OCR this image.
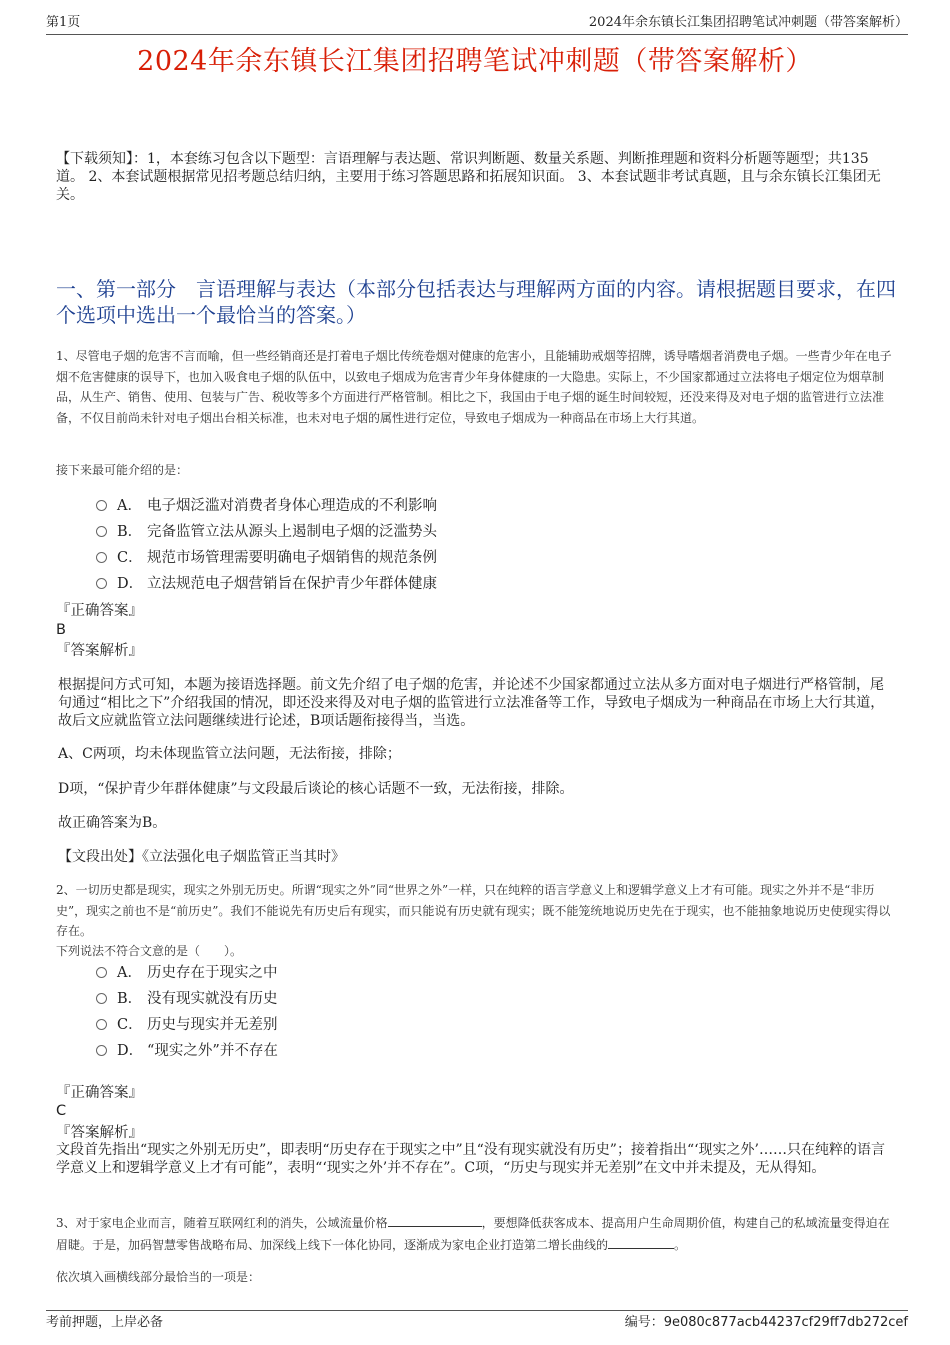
第1页	2024年余东镇长江集团招聘笔试冲刺题（带答案解析）
2024年余东镇长江集团招聘笔试冲刺题（带答案解析）
【下载须知】：1，本套练习包含以下题型：言语理解与表达题、常识判断题、数量关系题、判断推理题和资料分析题等题型；共135道。 2、本套试题根据常见招考题总结归纳，主要用于练习答题思路和拓展知识面。 3、本套试题非考试真题，且与余东镇长江集团无关。
一、第一部分　言语理解与表达（本部分包括表达与理解两方面的内容。请根据题目要求，在四个选项中选出一个最恰当的答案。）
1、尽管电子烟的危害不言而喻，但一些经销商还是打着电子烟比传统卷烟对健康的危害小，且能辅助戒烟等招牌，诱导嗜烟者消费电子烟。一些青少年在电子烟不危害健康的误导下，也加入吸食电子烟的队伍中，以致电子烟成为危害青少年身体健康的一大隐患。实际上，不少国家都通过立法将电子烟定位为烟草制品，从生产、销售、使用、包装与广告、税收等多个方面进行严格管制。相比之下，我国由于电子烟的诞生时间较短，还没来得及对电子烟的监管进行立法准备，不仅目前尚未针对电子烟出台相关标准，也未对电子烟的属性进行定位，导致电子烟成为一种商品在市场上大行其道。
接下来最可能介绍的是：
A． 电子烟泛滥对消费者身体心理造成的不利影响
B． 完备监管立法从源头上遏制电子烟的泛滥势头
C． 规范市场管理需要明确电子烟销售的规范条例
D． 立法规范电子烟营销旨在保护青少年群体健康
『正确答案』
B
『答案解析』
根据提问方式可知，本题为接语选择题。前文先介绍了电子烟的危害，并论述不少国家都通过立法从多方面对电子烟进行严格管制，尾句通过“相比之下”介绍我国的情况，即还没来得及对电子烟的监管进行立法准备等工作，导致电子烟成为一种商品在市场上大行其道，故后文应就监管立法问题继续进行论述，B项话题衔接得当，当选。
A、C两项，均未体现监管立法问题，无法衔接，排除；
D项，“保护青少年群体健康”与文段最后谈论的核心话题不一致，无法衔接，排除。
故正确答案为B。
【文段出处】《立法强化电子烟监管正当其时》
2、一切历史都是现实，现实之外别无历史。所谓“现实之外”同“世界之外”一样，只在纯粹的语言学意义上和逻辑学意义上才有可能。现实之外并不是“非历史”，现实之前也不是“前历史”。我们不能说先有历史后有现实，而只能说有历史就有现实；既不能笼统地说历史先在于现实，也不能抽象地说历史使现实得以存在。
下列说法不符合文意的是（　　）。
A． 历史存在于现实之中
B． 没有现实就没有历史
C． 历史与现实并无差别
D． “现实之外”并不存在
『正确答案』
C
『答案解析』
文段首先指出“现实之外别无历史”，即表明“历史存在于现实之中”且“没有现实就没有历史”；接着指出“‘现实之外’……只在纯粹的语言学意义上和逻辑学意义上才有可能”，表明“‘现实之外’并不存在”。C项，“历史与现实并无差别”在文中并未提及，无从得知。
3、对于家电企业而言，随着互联网红利的消失，公域流量价格	，要想降低获客成本、提高用户生命周期价值，构建自己的私域流量变得迫在眉睫。于是，加码智慧零售战略布局、加深线上线下一体化协同，逐渐成为家电企业打造第二增长曲线的	。
依次填入画横线部分最恰当的一项是：
考前押题，上岸必备	编号：9e080c877acb44237cf29ff7db272cef
